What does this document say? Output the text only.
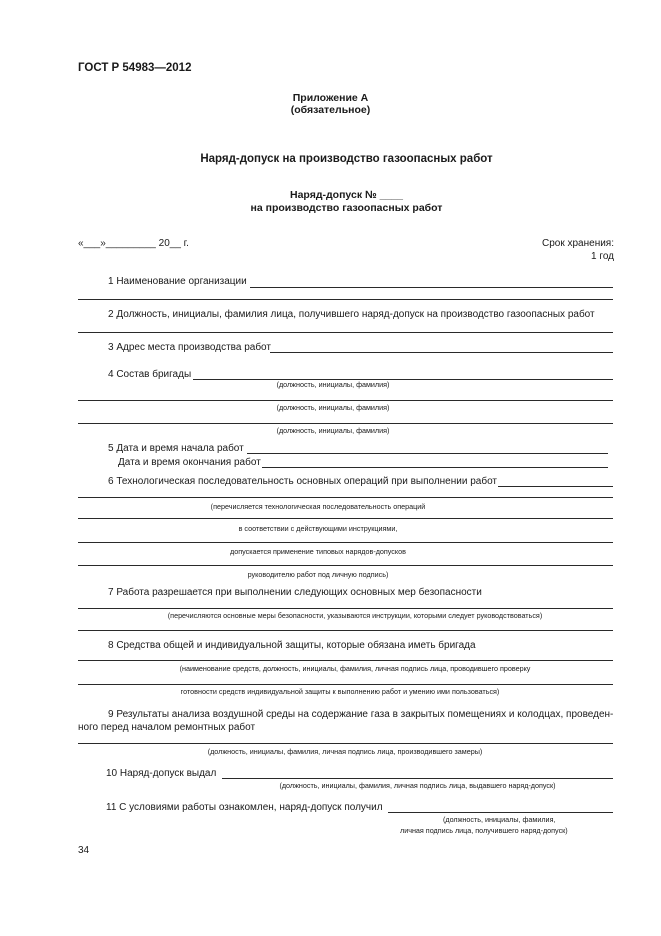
ГОСТ Р 54983—2012
Приложение А
(обязательное)
Наряд-допуск на производство газоопасных работ
Наряд-допуск № ____
на производство газоопасных работ
«___»_________ 20__ г.	Срок хранения:
1 год
1 Наименование организации
2 Должность, инициалы, фамилия лица, получившего наряд-допуск на производство газоопасных работ
3 Адрес места производства работ
4 Состав бригады
(должность, инициалы, фамилия)
(должность, инициалы, фамилия)
(должность, инициалы, фамилия)
5 Дата и время начала работ
Дата и время окончания работ
6 Технологическая последовательность основных операций при выполнении работ
(перечисляется технологическая последовательность операций
в соответствии с действующими инструкциями,
допускается применение типовых нарядов-допусков
руководителю работ под личную подпись)
7 Работа разрешается при выполнении следующих основных мер безопасности
(перечисляются основные меры безопасности, указываются инструкции, которыми следует руководствоваться)
8 Средства общей и индивидуальной защиты, которые обязана иметь бригада
(наименование средств, должность, инициалы, фамилия, личная подпись лица, проводившего проверку
готовности средств индивидуальной защиты к выполнению работ и умению ими пользоваться)
9 Результаты анализа воздушной среды на содержание газа в закрытых помещениях и колодцах, проведен-
ного перед началом ремонтных работ
(должность, инициалы, фамилия, личная подпись лица, производившего замеры)
10 Наряд-допуск выдал
(должность, инициалы, фамилия, личная подпись лица, выдавшего наряд-допуск)
11 С условиями работы ознакомлен, наряд-допуск получил
(должность, инициалы, фамилия,
личная подпись лица, получившего наряд-допуск)
34
